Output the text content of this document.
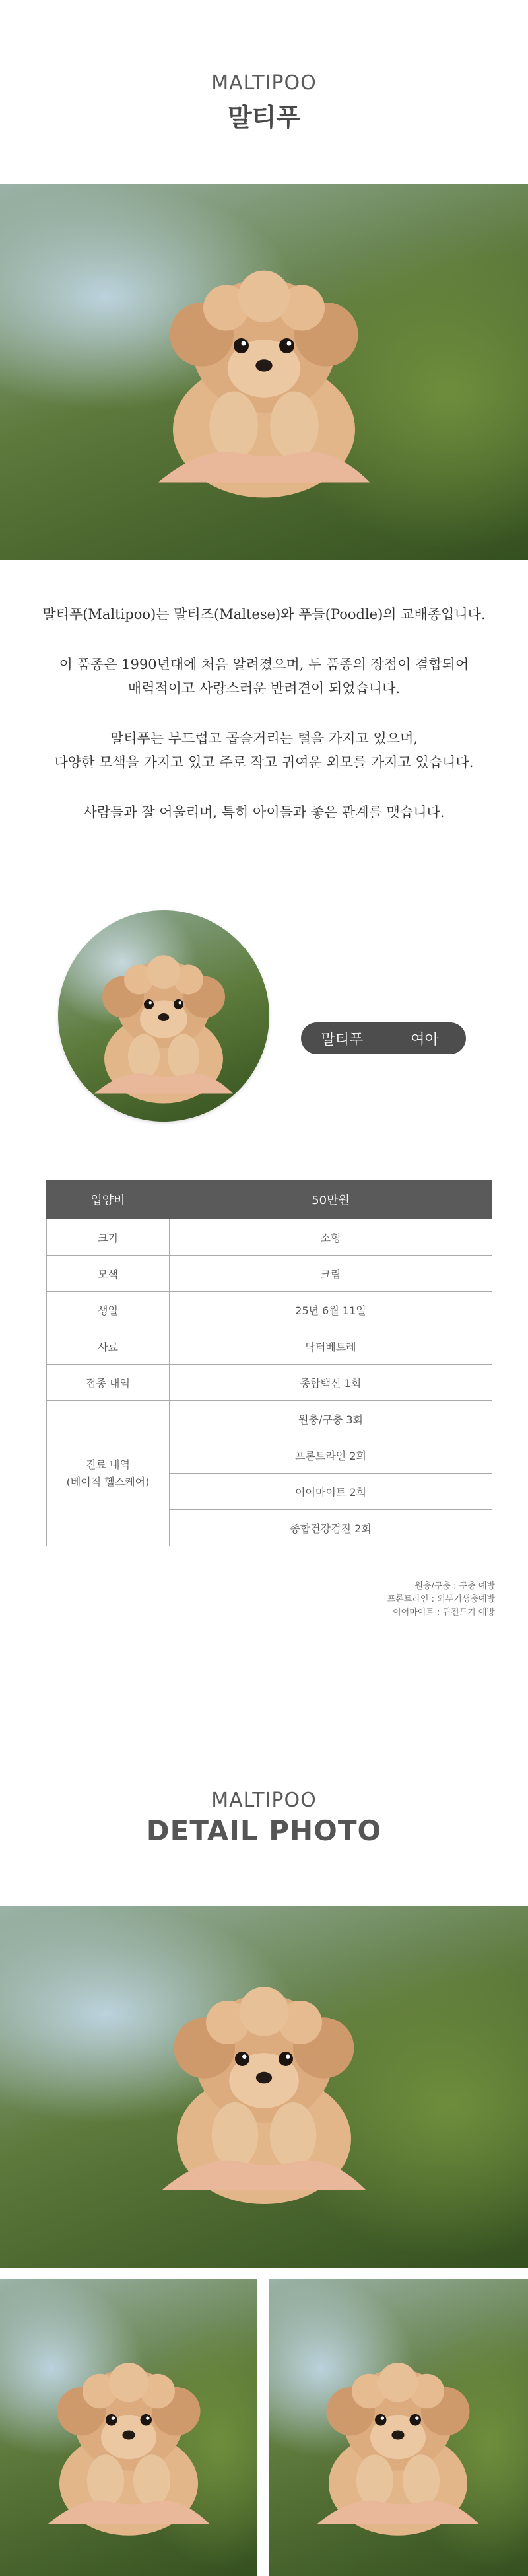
MALTIPOO
말티푸

말티푸(Maltipoo)는 말티즈(Maltese)와 푸들(Poodle)의 교배종입니다.

이 품종은 1990년대에 처음 알려졌으며, 두 품종의 장점이 결합되어

매력적이고 사랑스러운 반려견이 되었습니다.

말티푸는 부드럽고 곱슬거리는 털을 가지고 있으며,

다양한 모색을 가지고 있고 주로 작고 귀여운 외모를 가지고 있습니다.

사람들과 잘 어울리며, 특히 아이들과 좋은 관계를 맺습니다.

말티푸	여아
입양비	50만원
크기	소형
모색	크림
생일	25년 6월 11일
사료	닥터베토레
접종 내역	종합백신 1회

진료 내역
(베이직 헬스케어)	원충/구충 3회
	프론트라인 2회
	이어마이트 2회
	종합건강검진 2회
원충/구충 : 구충 예방
프론트라인 : 외부기생충예방
이어마이트 : 귀진드기 예방
MALTIPOO
DETAIL PHOTO
